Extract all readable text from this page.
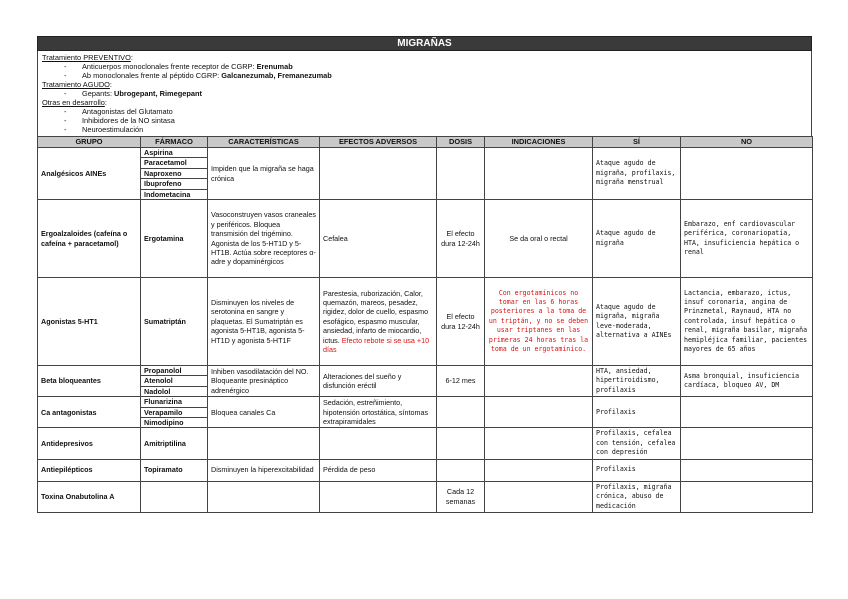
MIGRAÑAS
Tratamiento PREVENTIVO:
- Anticuerpos monoclonales frente receptor de CGRP: Erenumab
- Ab monoclonales frente al péptido CGRP: Galcanezumab, Fremanezumab
Tratamiento AGUDO:
- Gepants: Ubrogepant, Rimegepant
Otras en desarrollo:
- Antagonistas del Glutamato
- Inhibidores de la NO sintasa
- Neuroestimulación
GRUPO	FÁRMACO	CARACTERÍSTICAS	EFECTOS ADVERSOS	DOSIS	INDICACIONES	SÍ	NO
Analgésicos AINEs	Aspirina	Impiden que la migraña se haga crónica				Ataque agudo de migraña, profilaxis, migraña menstrual	
	Paracetamol						
	Naproxeno						
	Ibuprofeno						
	Indometacina						
Ergoalzaloides (cafeína o cafeína + paracetamol)	Ergotamina	Vasoconstruyen vasos craneales y periféricos. Bloquea transmisión del trigémino. Agonista de los 5-HT1D y 5-HT1B. Actúa sobre receptores α-adre y dopaminérgicos	Cefalea	El efecto dura 12-24h	Se da oral o rectal	Ataque agudo de migraña	Embarazo, enf cardiovascular periférica, coronariopatía, HTA, insuficiencia hepática o renal
Agonistas 5-HT1	Sumatriptán	Disminuyen los niveles de serotonina en sangre y plaquetas. El Sumatriptán es agonista 5-HT1B, agonista 5-HT1D y agonista 5-HT1F	Parestesia, ruborización, Calor, quemazón, mareos, pesadez, rigidez, dolor de cuello, espasmo esofágico, espasmo muscular, ansiedad, infarto de miocardio, ictus. Efecto rebote si se usa +10 días	El efecto dura 12-24h	Con ergotamínicos no tomar en las 6 horas posteriores a la toma de un triptán, y no se deben usar triptanes en las primeras 24 horas tras la toma de un ergotamínico.	Ataque agudo de migraña, migraña leve-moderada, alternativa a AINEs	Lactancia, embarazo, ictus, insuf coronaria, angina de Prinzmetal, Raynaud, HTA no controlada, insuf hepática o renal, migraña basilar, migraña hemipléjica familiar, pacientes mayores de 65 años
Beta bloqueantes	Propanolol	Inhiben vasodilatación del NO. Bloqueante presináptico adrenérgico	Alteraciones del sueño y disfunción eréctil	6-12 mes		HTA, ansiedad, hipertiroidismo, profilaxis	Asma bronquial, insuficiencia cardíaca, bloqueo AV, DM
	Atenolol						
	Nadolol						
Ca antagonistas	Flunarizina	Bloquea canales Ca	Sedación, estreñimiento, hipotensión ortostática, síntomas extrapiramidales			Profilaxis	
	Verapamilo						
	Nimodipino						
Antidepresivos	Amitriptilina					Profilaxis, cefalea con tensión, cefalea con depresión	
Antiepilépticos	Topiramato	Disminuyen la hiperexcitabilidad	Pérdida de peso			Profilaxis	
Toxina Onabutolina A				Cada 12 semanas		Profilaxis, migraña crónica, abuso de medicación	
